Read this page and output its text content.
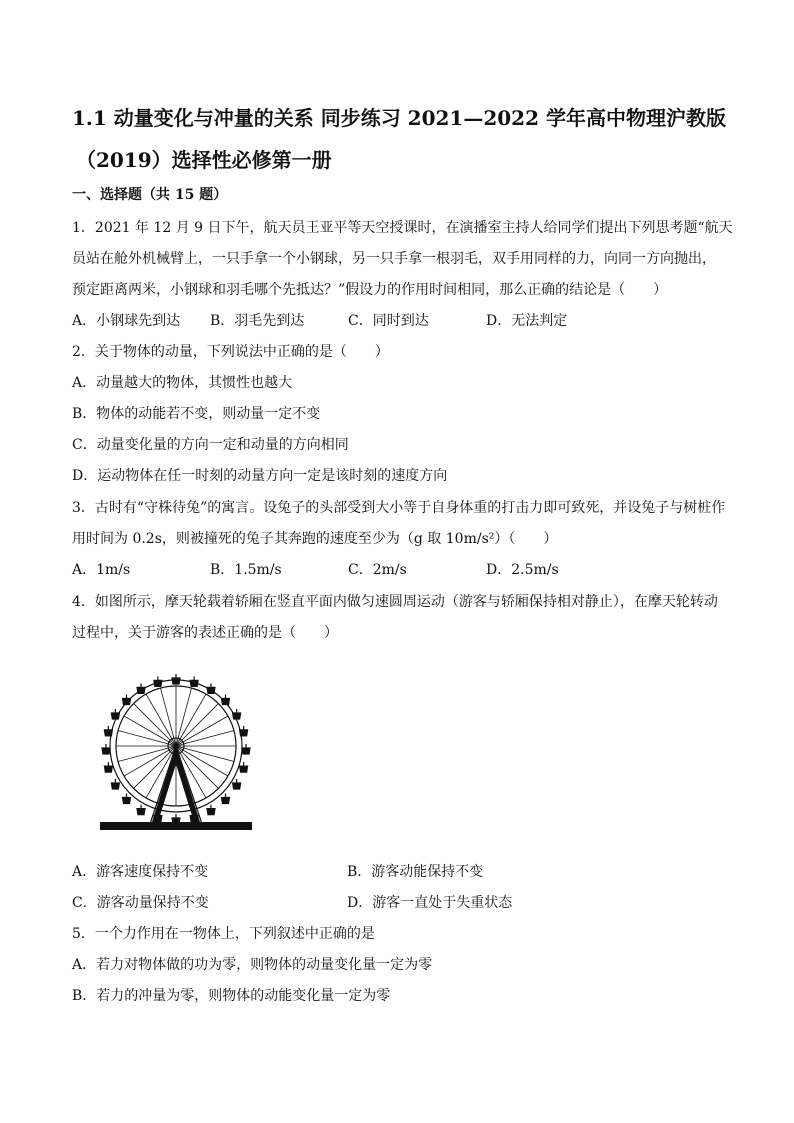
1.1 动量变化与冲量的关系 同步练习 2021—2022 学年高中物理沪教版
（2019）选择性必修第一册
一、选择题（共 15 题）
1．2021 年 12 月 9 日下午，航天员王亚平等天空授课时，在演播室主持人给同学们提出下列思考题“航天
员站在舱外机械臂上，一只手拿一个小钢球，另一只手拿一根羽毛，双手用同样的力，向同一方向抛出，
预定距离两米，小钢球和羽毛哪个先抵达？”假设力的作用时间相同，那么正确的结论是（　　）
A．小钢球先到达 B．羽毛先到达	C．同时到达	D．无法判定
2．关于物体的动量，下列说法中正确的是（　　）
A．动量越大的物体，其惯性也越大
B．物体的动能若不变，则动量一定不变
C．动量变化量的方向一定和动量的方向相同
D．运动物体在任一时刻的动量方向一定是该时刻的速度方向
3．古时有“守株待兔”的寓言。设兔子的头部受到大小等于自身体重的打击力即可致死，并设兔子与树桩作
用时间为 0.2s，则被撞死的兔子其奔跑的速度至少为（g 取 10m/s²）（　　）
A．1m/s	B．1.5m/s	C．2m/s	D．2.5m/s
4．如图所示，摩天轮载着轿厢在竖直平面内做匀速圆周运动（游客与轿厢保持相对静止），在摩天轮转动
过程中，关于游客的表述正确的是（　　）
A．游客速度保持不变	B．游客动能保持不变
C．游客动量保持不变	D．游客一直处于失重状态
5．一个力作用在一物体上，下列叙述中正确的是
A．若力对物体做的功为零，则物体的动量变化量一定为零
B．若力的冲量为零，则物体的动能变化量一定为零
